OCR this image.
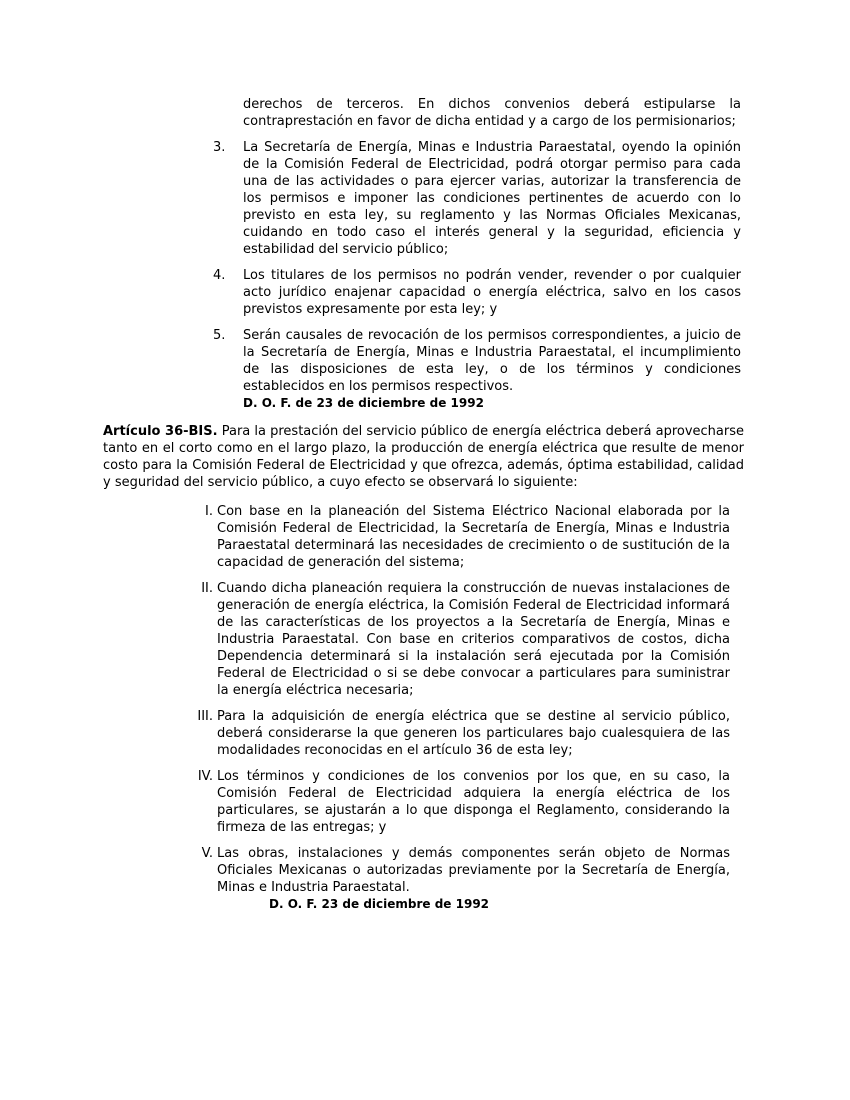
derechos de terceros. En dichos convenios deberá estipularse la contraprestación en favor de dicha entidad y a cargo de los permisionarios;

3.	La Secretaría de Energía, Minas e Industria Paraestatal, oyendo la opinión de la Comisión Federal de Electricidad, podrá otorgar permiso para cada una de las actividades o para ejercer varias, autorizar la transferencia de los permisos e imponer las condiciones pertinentes de acuerdo con lo previsto en esta ley, su reglamento y las Normas Oficiales Mexicanas, cuidando en todo caso el interés general y la seguridad, eficiencia y estabilidad del servicio público;
4.	Los titulares de los permisos no podrán vender, revender o por cualquier acto jurídico enajenar capacidad o energía eléctrica, salvo en los casos previstos expresamente por esta ley; y
5.	Serán causales de revocación de los permisos correspondientes, a juicio de la Secretaría de Energía, Minas e Industria Paraestatal, el incumplimiento de las disposiciones de esta ley, o de los términos y condiciones establecidos en los permisos respectivos.
D. O. F. de 23 de diciembre de 1992

Artículo 36-BIS. Para la prestación del servicio público de energía eléctrica deberá aprovecharse tanto en el corto como en el largo plazo, la producción de energía eléctrica que resulte de menor costo para la Comisión Federal de Electricidad y que ofrezca, además, óptima estabilidad, calidad y seguridad del servicio público, a cuyo efecto se observará lo siguiente:

I. Con base en la planeación del Sistema Eléctrico Nacional elaborada por la Comisión Federal de Electricidad, la Secretaría de Energía, Minas e Industria Paraestatal determinará las necesidades de crecimiento o de sustitución de la capacidad de generación del sistema;
II. Cuando dicha planeación requiera la construcción de nuevas instalaciones de generación de energía eléctrica, la Comisión Federal de Electricidad informará de las características de los proyectos a la Secretaría de Energía, Minas e Industria Paraestatal. Con base en criterios comparativos de costos, dicha Dependencia determinará si la instalación será ejecutada por la Comisión Federal de Electricidad o si se debe convocar a particulares para suministrar la energía eléctrica necesaria;
III. Para la adquisición de energía eléctrica que se destine al servicio público, deberá considerarse la que generen los particulares bajo cualesquiera de las modalidades reconocidas en el artículo 36 de esta ley;
IV. Los términos y condiciones de los convenios por los que, en su caso, la Comisión Federal de Electricidad adquiera la energía eléctrica de los particulares, se ajustarán a lo que disponga el Reglamento, considerando la firmeza de las entregas; y
V. Las obras, instalaciones y demás componentes serán objeto de Normas Oficiales Mexicanas o autorizadas previamente por la Secretaría de Energía, Minas e Industria Paraestatal.
D. O. F. 23 de diciembre de 1992
